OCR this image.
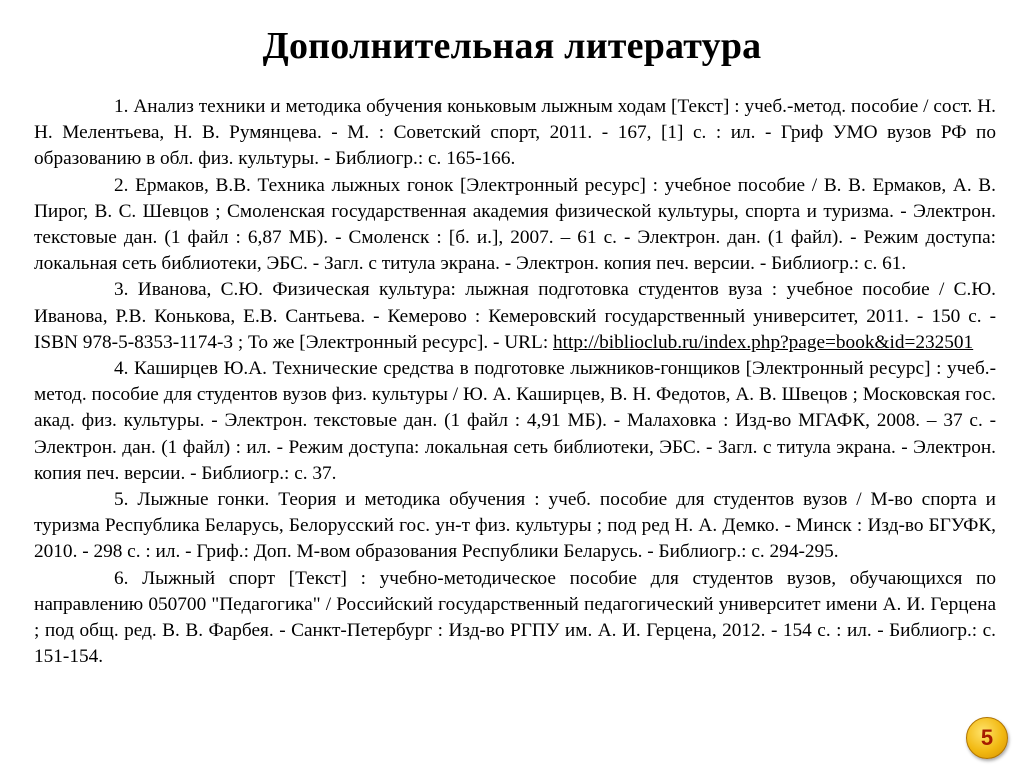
Дополнительная литература

1. Анализ техники и методика обучения коньковым лыжным ходам [Текст] : учеб.-метод. пособие / сост. Н. Н. Мелентьева, Н. В. Румянцева. - М. : Советский спорт, 2011. - 167, [1] с. : ил. - Гриф УМО вузов РФ по образованию в обл. физ. культуры. - Библиогр.: с. 165-166.

2. Ермаков, В.В. Техника лыжных гонок [Электронный ресурс] : учебное пособие / В. В. Ермаков, А. В. Пирог, В. С. Шевцов ; Смоленская государственная академия физической культуры, спорта и туризма. - Электрон. текстовые дан. (1 файл : 6,87 МБ). - Смоленск : [б. и.], 2007. – 61 с. - Электрон. дан. (1 файл). - Режим доступа: локальная сеть библиотеки, ЭБС. - Загл. с титула экрана. - Электрон. копия печ. версии. - Библиогр.: с. 61.

3. Иванова, С.Ю. Физическая культура: лыжная подготовка студентов вуза : учебное пособие / С.Ю. Иванова, Р.В. Конькова, Е.В. Сантьева. - Кемерово : Кемеровский государственный университет, 2011. - 150 с. - ISBN 978-5-8353-1174-3 ; То же [Электронный ресурс]. - URL: http://biblioclub.ru/index.php?page=book&id=232501

4. Каширцев Ю.А. Технические средства в подготовке лыжников-гонщиков [Электронный ресурс] : учеб.-метод. пособие для студентов вузов физ. культуры / Ю. А. Каширцев, В. Н. Федотов, А. В. Швецов ; Московская гос. акад. физ. культуры. - Электрон. текстовые дан. (1 файл : 4,91 МБ). - Малаховка : Изд-во МГАФК, 2008. – 37 с. - Электрон. дан. (1 файл) : ил. - Режим доступа: локальная сеть библиотеки, ЭБС. - Загл. с титула экрана. - Электрон. копия печ. версии. - Библиогр.: с. 37.

5. Лыжные гонки. Теория и методика обучения : учеб. пособие для студентов вузов / М-во спорта и туризма Республика Беларусь, Белорусский гос. ун-т физ. культуры ; под ред Н. А. Демко. - Минск : Изд-во БГУФК, 2010. - 298 с. : ил. - Гриф.: Доп. М-вом образования Республики Беларусь. - Библиогр.: с. 294-295.

6. Лыжный спорт [Текст] : учебно-методическое пособие для студентов вузов, обучающихся по направлению 050700 "Педагогика" / Российский государственный педагогический университет имени А. И. Герцена ; под общ. ред. В. В. Фарбея. - Санкт-Петербург : Изд-во РГПУ им. А. И. Герцена, 2012. - 154 с. : ил. - Библиогр.: с. 151-154.

5
